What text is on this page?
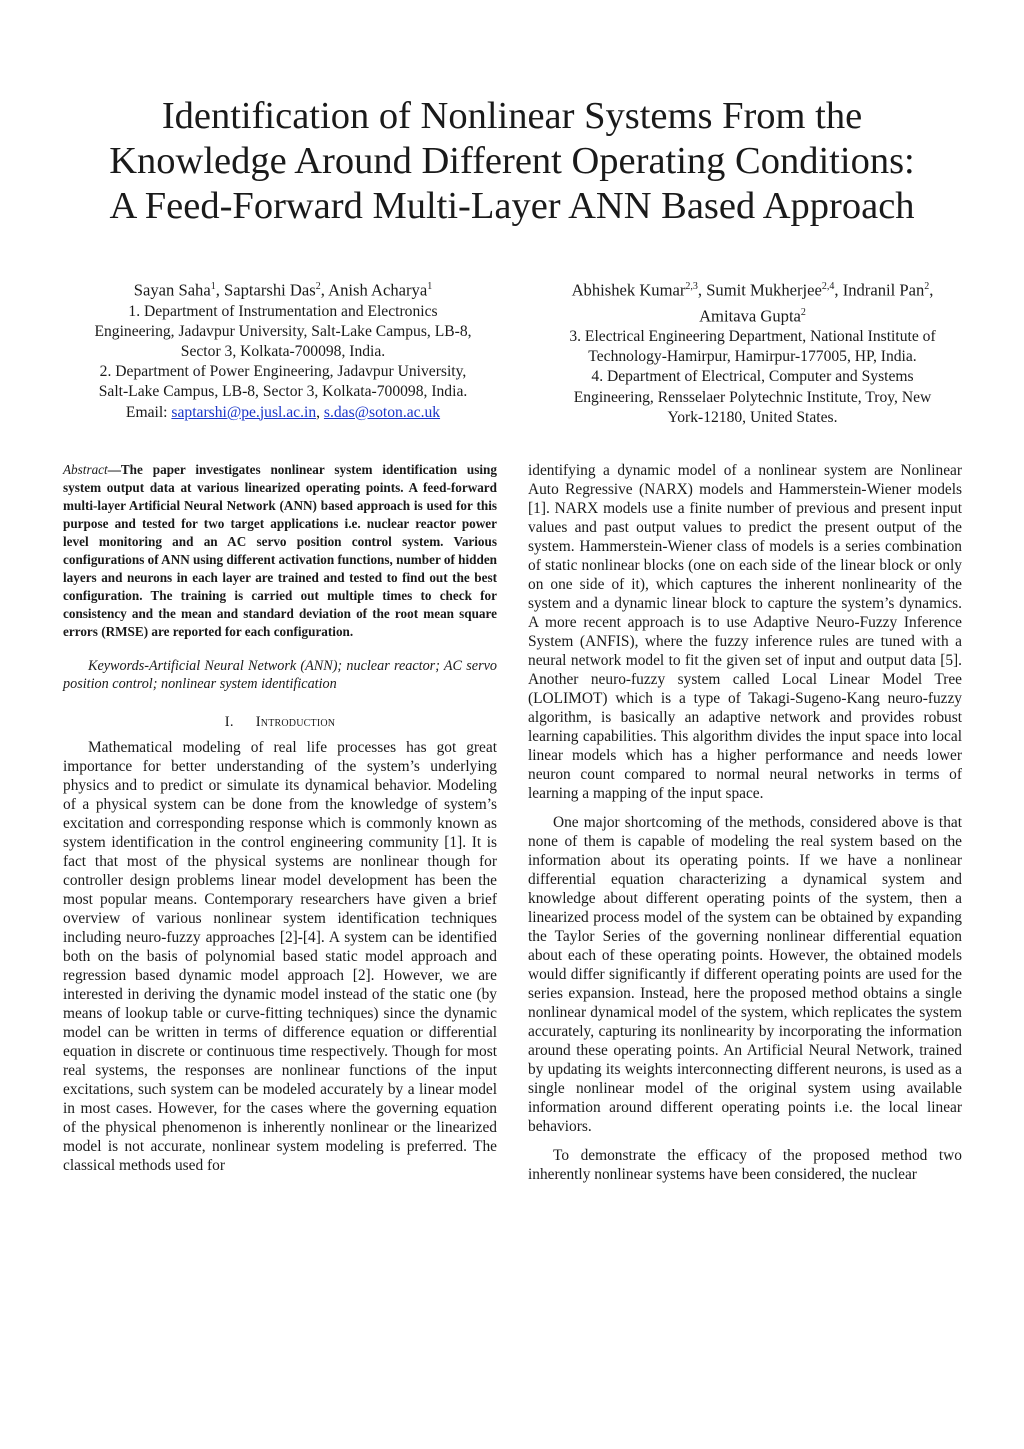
Identification of Nonlinear Systems From the
Knowledge Around Different Operating Conditions:
A Feed-Forward Multi-Layer ANN Based Approach
Sayan Saha$^1$, Saptarshi Das$^2$, Anish Acharya$^1$
1. Department of Instrumentation and Electronics
Engineering, Jadavpur University, Salt-Lake Campus, LB-8,
Sector 3, Kolkata-700098, India.
2. Department of Power Engineering, Jadavpur University,
Salt-Lake Campus, LB-8, Sector 3, Kolkata-700098, India.
Email: saptarshi@pe.jusl.ac.in, s.das@soton.ac.uk
Abhishek Kumar$^{2,3}$, Sumit Mukherjee$^{2,4}$, Indranil Pan$^2$,
Amitava Gupta$^2$
3. Electrical Engineering Department, National Institute of
Technology-Hamirpur, Hamirpur-177005, HP, India.
4. Department of Electrical, Computer and Systems
Engineering, Rensselaer Polytechnic Institute, Troy, New
York-12180, United States.

Abstract—The paper investigates nonlinear system identification using system output data at various linearized operating points. A feed-forward multi-layer Artificial Neural Network (ANN) based approach is used for this purpose and tested for two target applications i.e. nuclear reactor power level monitoring and an AC servo position control system. Various configurations of ANN using different activation functions, number of hidden layers and neurons in each layer are trained and tested to find out the best configuration. The training is carried out multiple times to check for consistency and the mean and standard deviation of the root mean square errors (RMSE) are reported for each configuration.

Keywords-Artificial Neural Network (ANN); nuclear reactor; AC servo position control; nonlinear system identification

I. Introduction

Mathematical modeling of real life processes has got great importance for better understanding of the system’s underlying physics and to predict or simulate its dynamical behavior. Modeling of a physical system can be done from the knowledge of system’s excitation and corresponding response which is commonly known as system identification in the control engineering community [1]. It is fact that most of the physical systems are nonlinear though for controller design problems linear model development has been the most popular means. Contemporary researchers have given a brief overview of various nonlinear system identification techniques including neuro-fuzzy approaches [2]-[4]. A system can be identified both on the basis of polynomial based static model approach and regression based dynamic model approach [2]. However, we are interested in deriving the dynamic model instead of the static one (by means of lookup table or curve-fitting techniques) since the dynamic model can be written in terms of difference equation or differential equation in discrete or continuous time respectively. Though for most real systems, the responses are nonlinear functions of the input excitations, such system can be modeled accurately by a linear model in most cases. However, for the cases where the governing equation of the physical phenomenon is inherently nonlinear or the linearized model is not accurate, nonlinear system modeling is preferred. The classical methods used for

identifying a dynamic model of a nonlinear system are Nonlinear Auto Regressive (NARX) models and Hammerstein-Wiener models [1]. NARX models use a finite number of previous and present input values and past output values to predict the present output of the system. Hammerstein-Wiener class of models is a series combination of static nonlinear blocks (one on each side of the linear block or only on one side of it), which captures the inherent nonlinearity of the system and a dynamic linear block to capture the system’s dynamics. A more recent approach is to use Adaptive Neuro-Fuzzy Inference System (ANFIS), where the fuzzy inference rules are tuned with a neural network model to fit the given set of input and output data [5]. Another neuro-fuzzy system called Local Linear Model Tree (LOLIMOT) which is a type of Takagi-Sugeno-Kang neuro-fuzzy algorithm, is basically an adaptive network and provides robust learning capabilities. This algorithm divides the input space into local linear models which has a higher performance and needs lower neuron count compared to normal neural networks in terms of learning a mapping of the input space.

One major shortcoming of the methods, considered above is that none of them is capable of modeling the real system based on the information about its operating points. If we have a nonlinear differential equation characterizing a dynamical system and knowledge about different operating points of the system, then a linearized process model of the system can be obtained by expanding the Taylor Series of the governing nonlinear differential equation about each of these operating points. However, the obtained models would differ significantly if different operating points are used for the series expansion. Instead, here the proposed method obtains a single nonlinear dynamical model of the system, which replicates the system accurately, capturing its nonlinearity by incorporating the information around these operating points. An Artificial Neural Network, trained by updating its weights interconnecting different neurons, is used as a single nonlinear model of the original system using available information around different operating points i.e. the local linear behaviors.

To demonstrate the efficacy of the proposed method two inherently nonlinear systems have been considered, the nuclear
